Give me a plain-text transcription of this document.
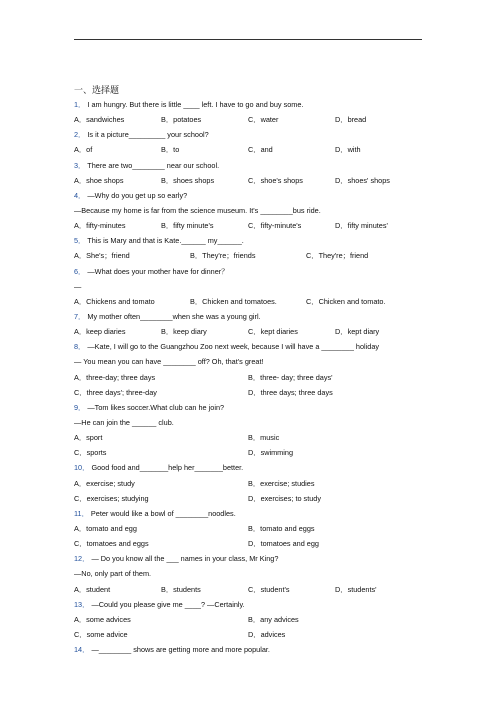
一、选择题
1． I am hungry. But there is little ____ left. I have to go and buy some.
A．sandwiches	B．potatoes	C．water	D．bread
2． Is it a picture_________ your school?
A．of	B．to	C．and	D．with
3． There are two________ near our school.
A．shoe shops	B．shoes shops	C．shoe's shops	D．shoes' shops
4． —Why do you get up so early?
—Because my home is far from the science museum. It's ________bus ride.
A．fifty-minutes	B．fifty minute's	C．fifty-minute's	D．fifty minutes'
5． This is Mary and that is Kate.______ my______.
A．She's；friend	B．They're；friends	C．They're；friend
6． —What does your mother have for dinner？
—
A．Chickens and tomato	B．Chicken and tomatoes.	C．Chicken and tomato.
7． My mother often________when she was a young girl.
A．keep diaries	B．keep diary	C．kept diaries	D．kept diary
8． —Kate, I will go to the Guangzhou Zoo next week, because I will have a ________ holiday
— You mean you can have ________ off? Oh, that's great!
A．three-day; three days	B．three- day; three days'
C．three days'; three-day	D．three days; three days
9． —Tom likes soccer.What club can he join?
—He can join the ______ club.
A．sport	B．music
C．sports	D．swimming
10． Good food and_______help her_______better.
A．exercise; study	B．exercise; studies
C．exercises; studying	D．exercises; to study
11． Peter would like a bowl of ________noodles.
A．tomato and egg	B．tomato and eggs
C．tomatoes and eggs	D．tomatoes and egg
12． — Do you know all the ___ names in your class, Mr King?
—No, only part of them.
A．student	B．students	C．student's	D．students'
13． —Could you please give me ____? —Certainly.
A．some advices	B．any advices
C．some advice	D．advices
14． —________ shows are getting more and more popular.
